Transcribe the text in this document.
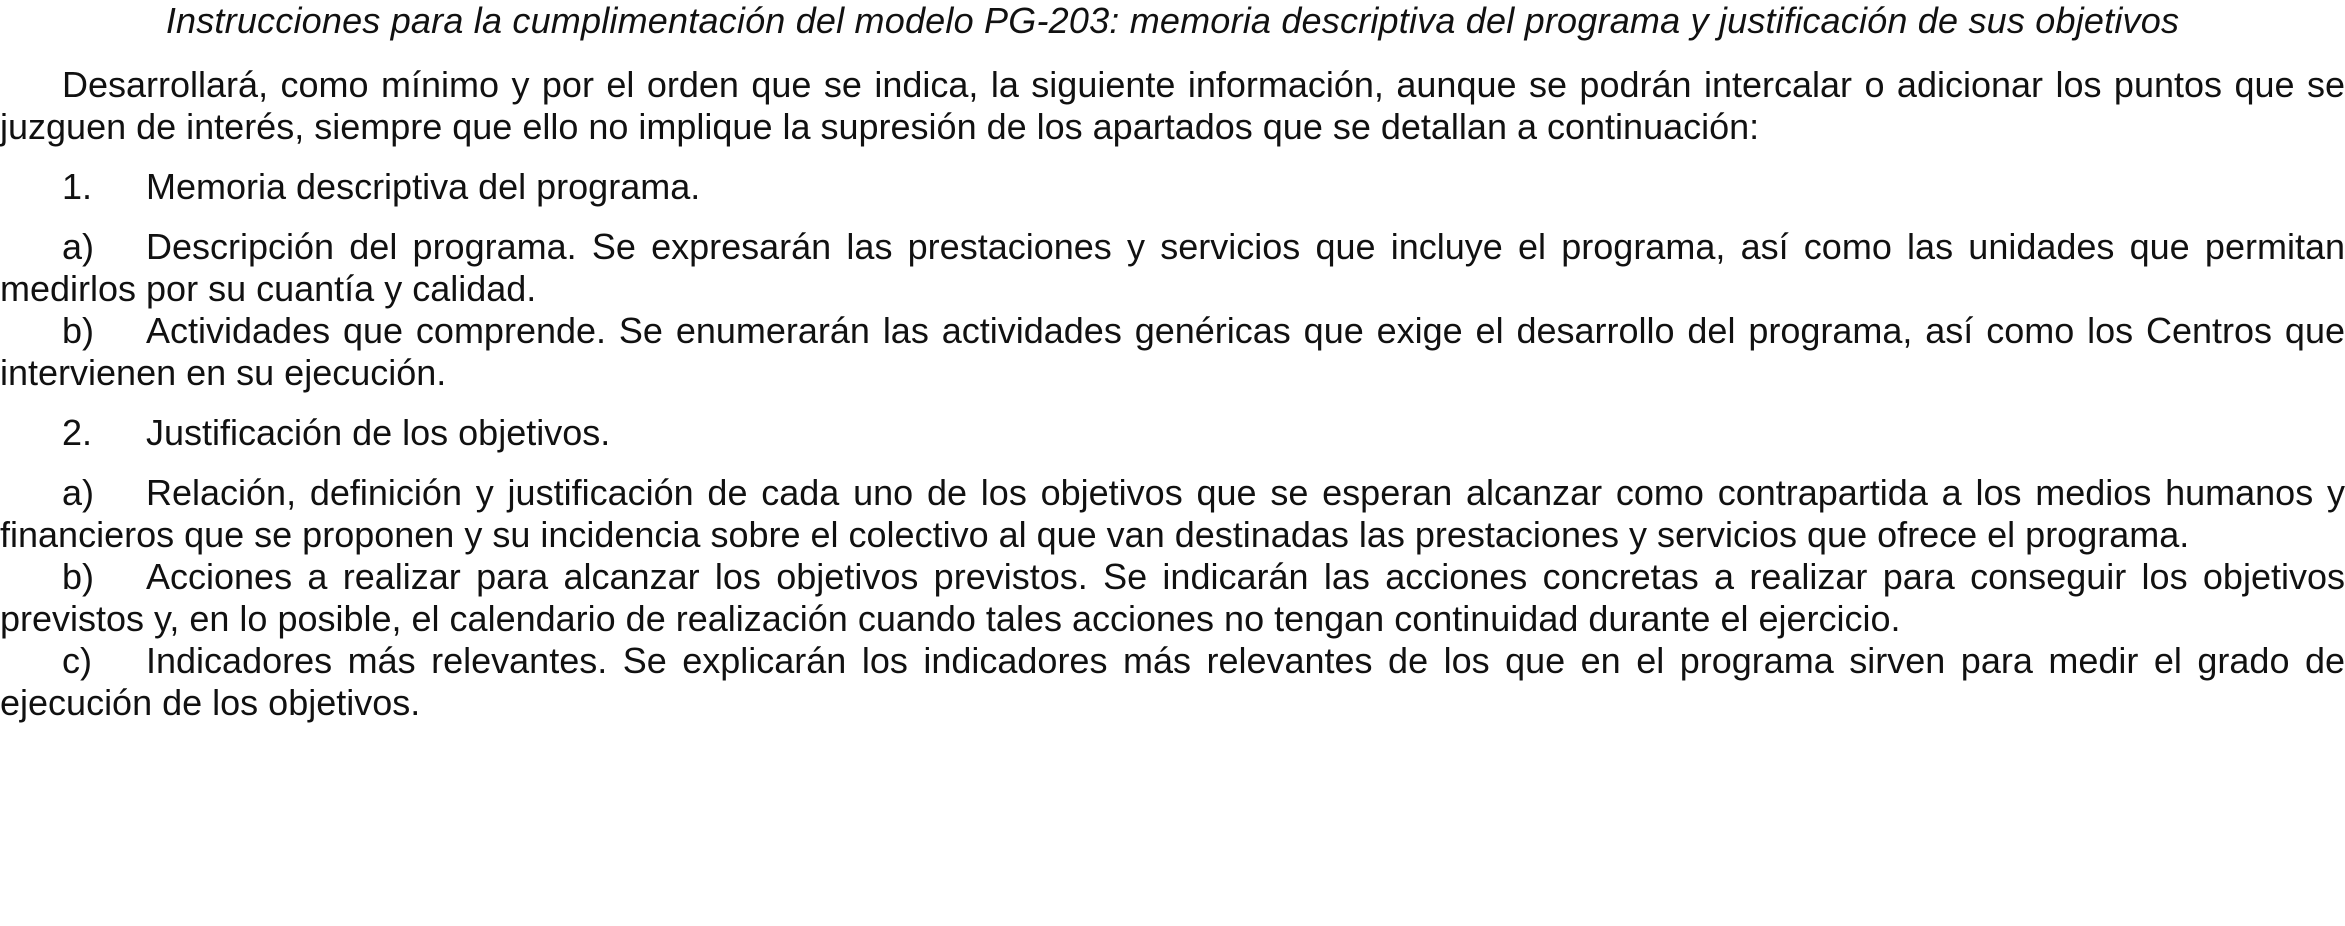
Instrucciones para la cumplimentación del modelo PG-203: memoria descriptiva del programa y justificación de sus objetivos

Desarrollará, como mínimo y por el orden que se indica, la siguiente información, aunque se podrán intercalar o adicionar los puntos que se juzguen de interés, siempre que ello no implique la supresión de los apartados que se detallan a continuación:

1. Memoria descriptiva del programa.

a) Descripción del programa. Se expresarán las prestaciones y servicios que incluye el programa, así como las unidades que permitan medirlos por su cuantía y calidad.

b) Actividades que comprende. Se enumerarán las actividades genéricas que exige el desarrollo del programa, así como los Centros que intervienen en su ejecución.

2. Justificación de los objetivos.

a) Relación, definición y justificación de cada uno de los objetivos que se esperan alcanzar como contrapartida a los medios humanos y financieros que se proponen y su incidencia sobre el colectivo al que van destinadas las prestaciones y servicios que ofrece el programa.

b) Acciones a realizar para alcanzar los objetivos previstos. Se indicarán las acciones concretas a realizar para conseguir los objetivos previstos y, en lo posible, el calendario de realización cuando tales acciones no tengan continuidad durante el ejercicio.

c) Indicadores más relevantes. Se explicarán los indicadores más relevantes de los que en el programa sirven para medir el grado de ejecución de los objetivos.
